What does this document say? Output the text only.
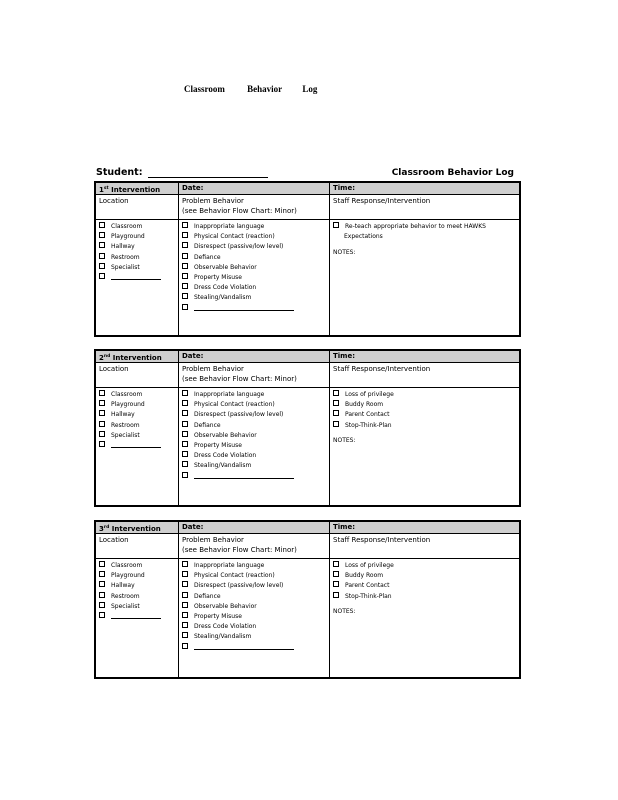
Classroom Behavior Log
Student:	Classroom Behavior Log
1st Intervention
Location
Classroom
Playground
Hallway
Restroom
Specialist
Date:
Problem Behavior
(see Behavior Flow Chart: Minor)
Inappropriate language
Physical Contact (reaction)
Disrespect (passive/low level)
Defiance
Observable Behavior
Property Misuse
Dress Code Violation
Stealing/Vandalism
Time:
Staff Response/Intervention
Re-teach appropriate behavior to meet HAWKS
Expectations
NOTES:
2nd Intervention
Location
Classroom
Playground
Hallway
Restroom
Specialist
Date:
Problem Behavior
(see Behavior Flow Chart: Minor)
Inappropriate language
Physical Contact (reaction)
Disrespect (passive/low level)
Defiance
Observable Behavior
Property Misuse
Dress Code Violation
Stealing/Vandalism
Time:
Staff Response/Intervention
Loss of privilege
Buddy Room
Parent Contact
Stop-Think-Plan
NOTES:
3rd Intervention
Location
Classroom
Playground
Hallway
Restroom
Specialist
Date:
Problem Behavior
(see Behavior Flow Chart: Minor)
Inappropriate language
Physical Contact (reaction)
Disrespect (passive/low level)
Defiance
Observable Behavior
Property Misuse
Dress Code Violation
Stealing/Vandalism
Time:
Staff Response/Intervention
Loss of privilege
Buddy Room
Parent Contact
Stop-Think-Plan
NOTES:
